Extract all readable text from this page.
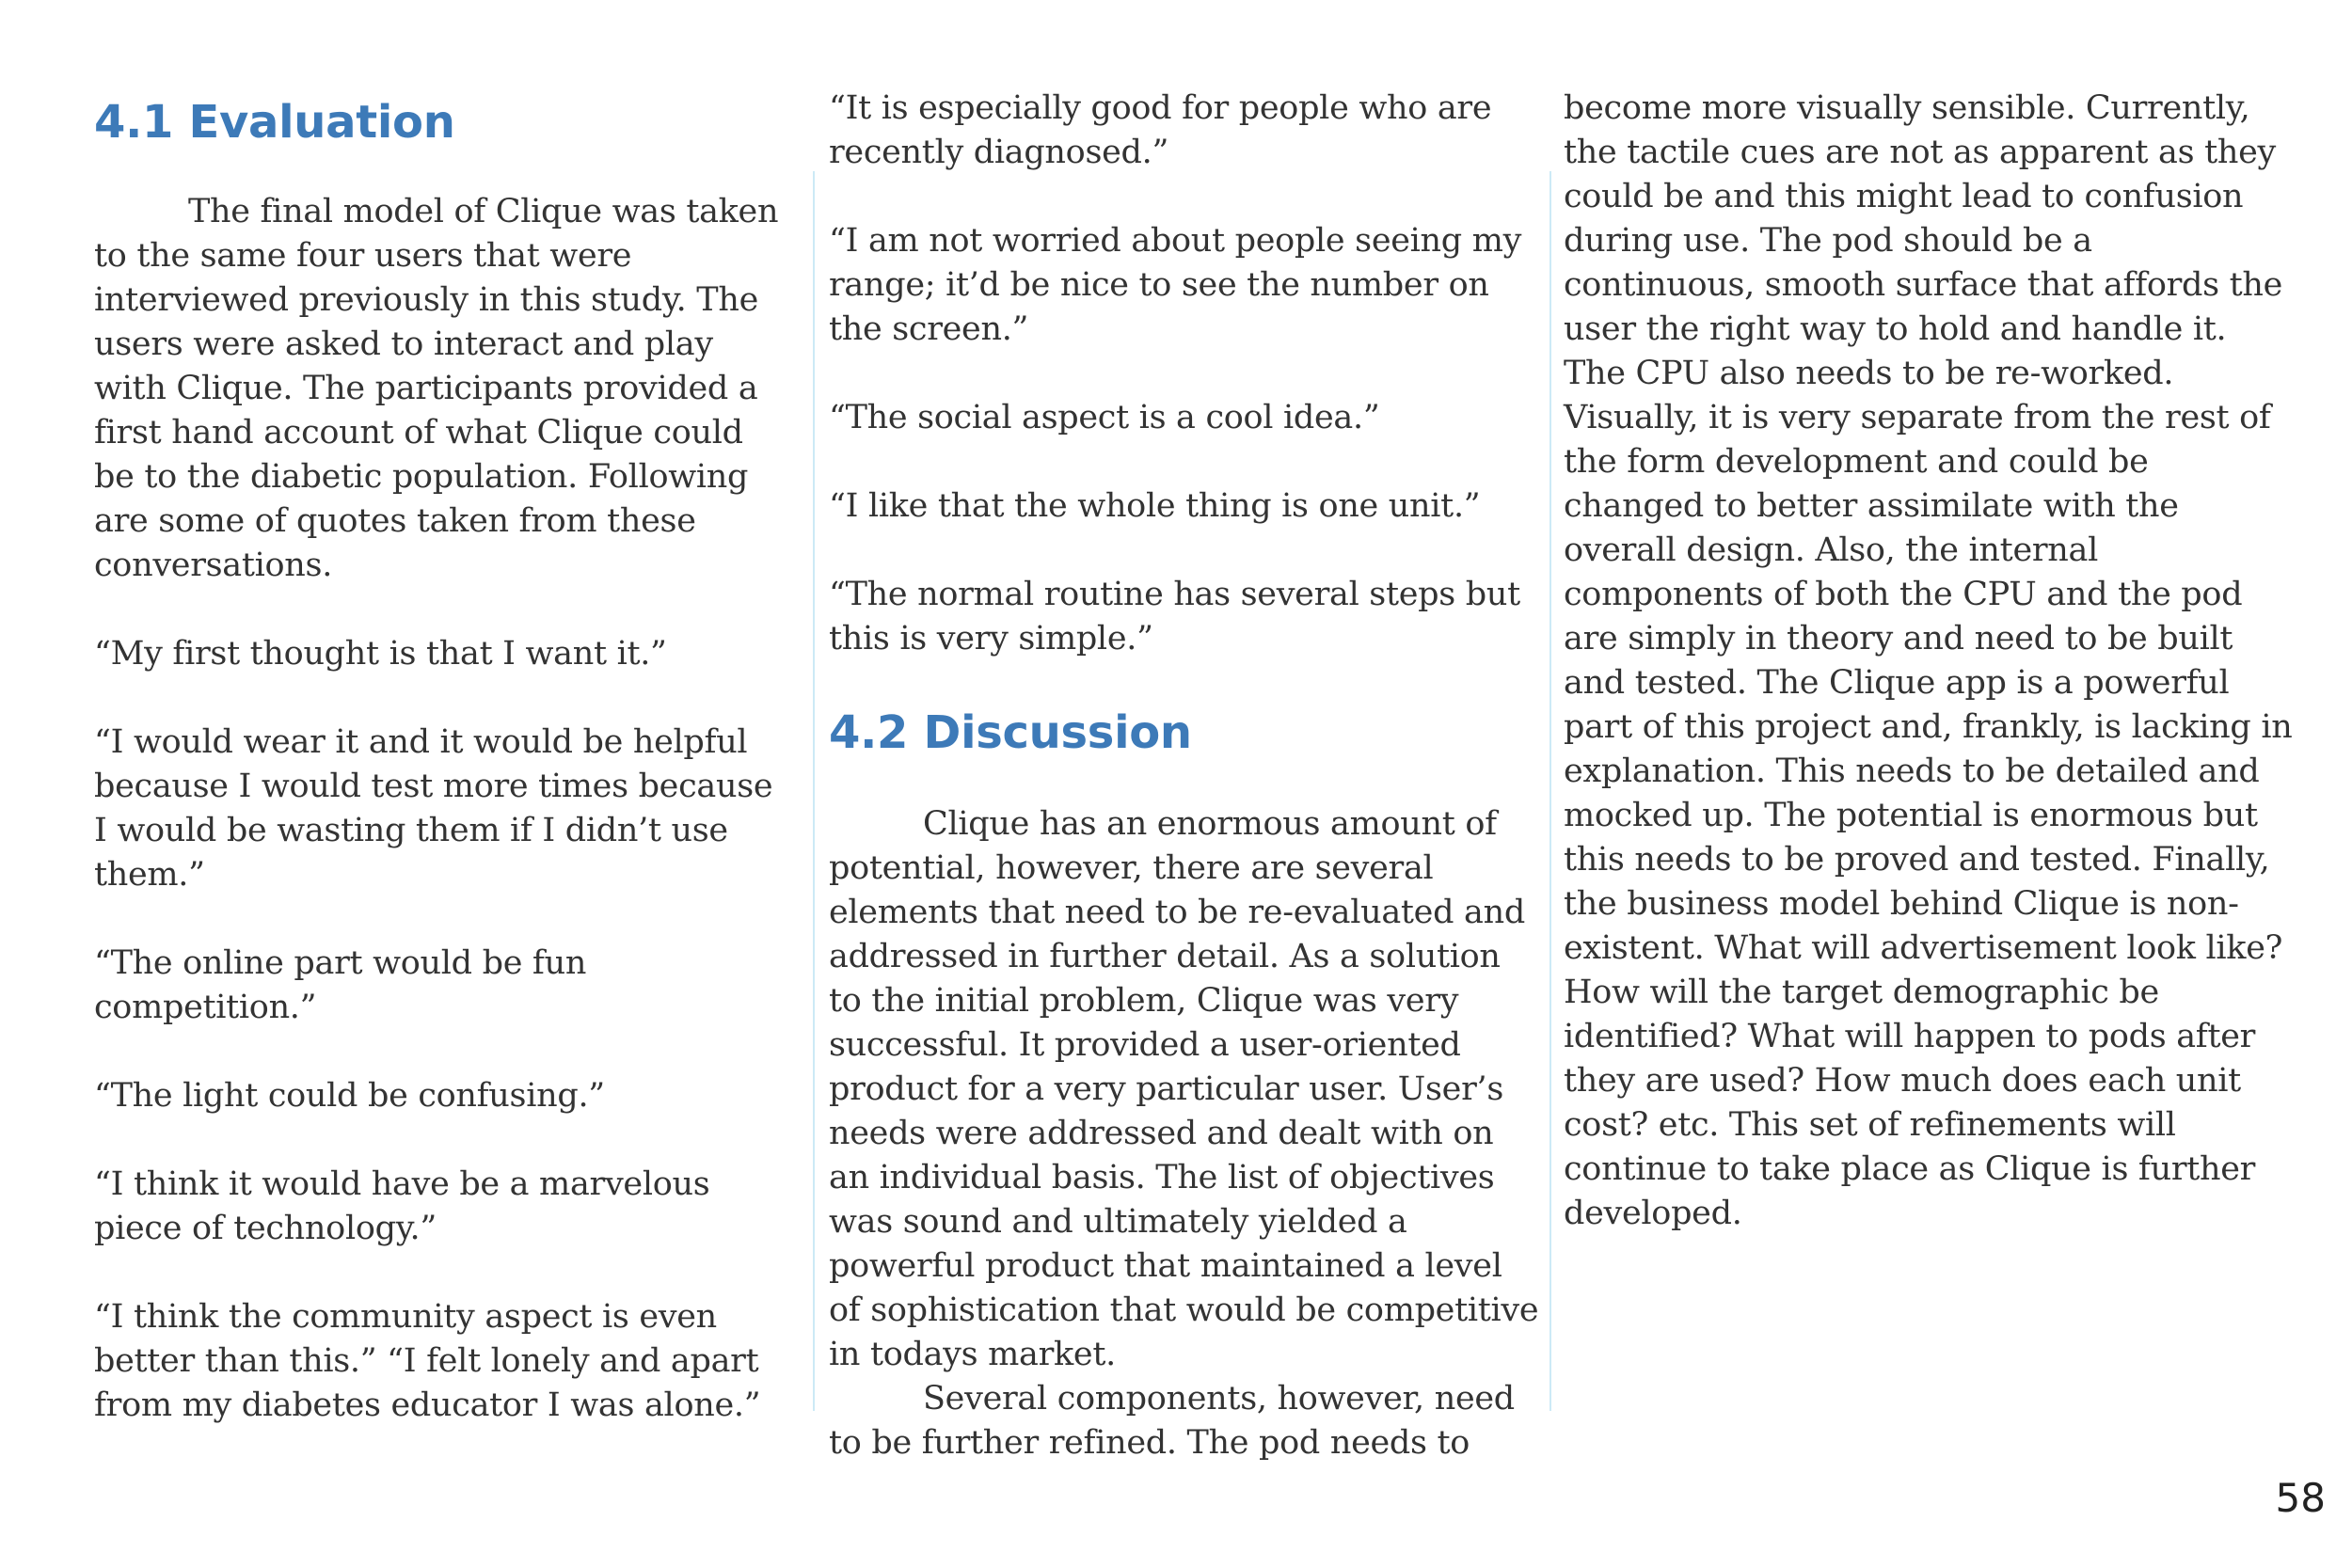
4.1 Evaluation

The final model of Clique was taken to the same four users that were interviewed previously in this study. The users were asked to interact and play with Clique. The participants provided a first hand account of what Clique could be to the diabetic population. Following are some of quotes taken from these conversations.

“My first thought is that I want it.”

“I would wear it and it would be helpful because I would test more times because I would be wasting them if I didn’t use them.”

“The online part would be fun competition.”

“The light could be confusing.”

“I think it would have be a marvelous piece of technology.”

“I think the community aspect is even better than this.” “I felt lonely and apart from my diabetes educator I was alone.”

“It is especially good for people who are recently diagnosed.”

“I am not worried about people seeing my range; it’d be nice to see the number on the screen.”

“The social aspect is a cool idea.”

“I like that the whole thing is one unit.”

“The normal routine has several steps but this is very simple.”

4.2 Discussion

Clique has an enormous amount of potential, however, there are several elements that need to be re-evaluated and addressed in further detail. As a solution to the initial problem, Clique was very successful. It provided a user-oriented product for a very particular user. User’s needs were addressed and dealt with on an individual basis. The list of objectives was sound and ultimately yielded a powerful product that maintained a level of sophistication that would be competitive in todays market.

Several components, however, need to be further refined. The pod needs to

become more visually sensible. Currently, the tactile cues are not as apparent as they could be and this might lead to confusion during use. The pod should be a continuous, smooth surface that affords the user the right way to hold and handle it. The CPU also needs to be re-worked. Visually, it is very separate from the rest of the form development and could be changed to better assimilate with the overall design. Also, the internal components of both the CPU and the pod are simply in theory and need to be built and tested. The Clique app is a powerful part of this project and, frankly, is lacking in explanation. This needs to be detailed and mocked up. The potential is enormous but this needs to be proved and tested. Finally, the business model behind Clique is non-existent. What will advertisement look like? How will the target demographic be identified? What will happen to pods after they are used? How much does each unit cost? etc. This set of refinements will continue to take place as Clique is further developed.

58
